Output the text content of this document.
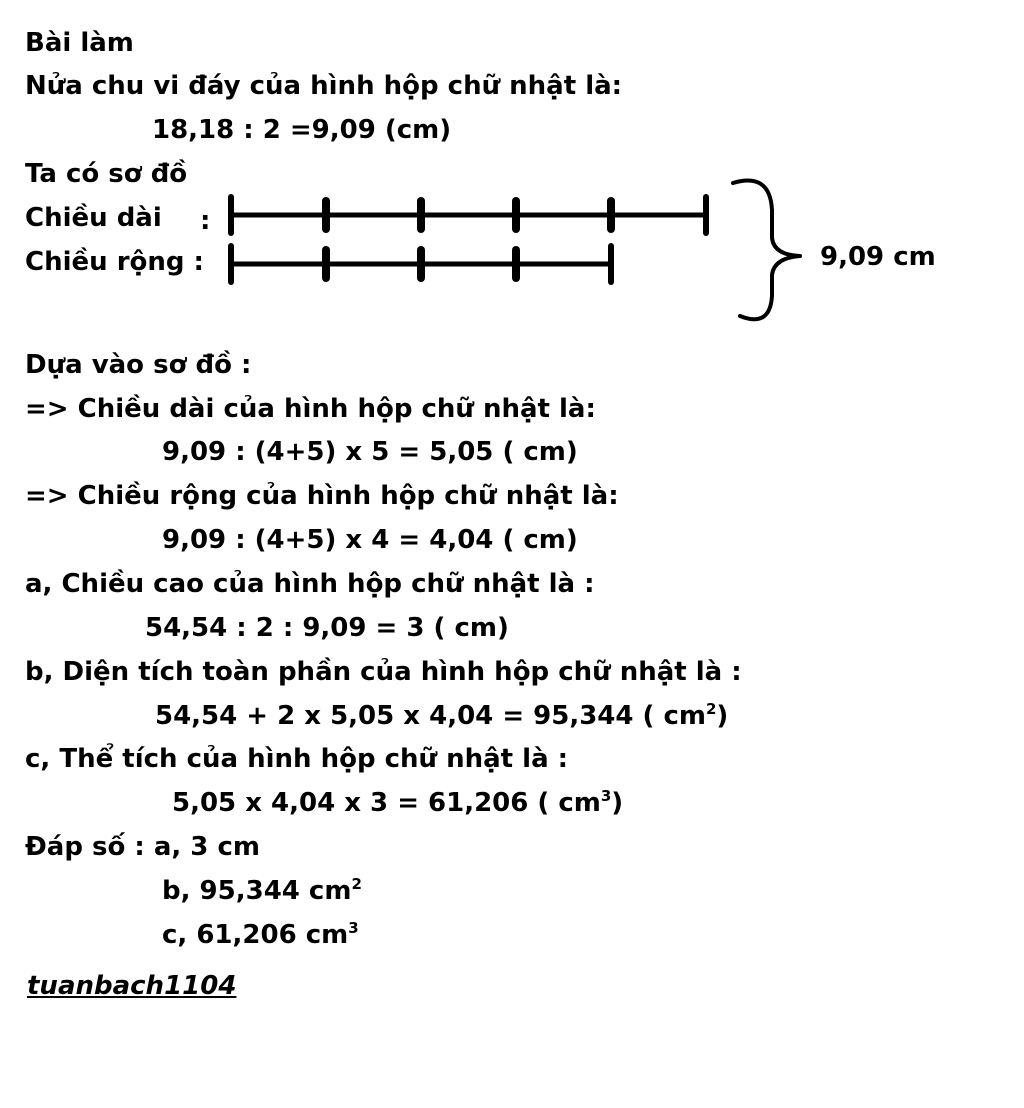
Bài làm
Nửa chu vi đáy của hình hộp chữ nhật là:
18,18 : 2 =9,09 (cm)
Ta có sơ đồ
Chiều dài :
Chiều rộng :	9,09 cm
Dựa vào sơ đồ :
=> Chiều dài của hình hộp chữ nhật là:
9,09 : (4+5) x 5 = 5,05 ( cm)
=> Chiều rộng của hình hộp chữ nhật là:
9,09 : (4+5) x 4 = 4,04 ( cm)
a, Chiều cao của hình hộp chữ nhật là :
54,54 : 2 : 9,09 = 3 ( cm)
b, Diện tích toàn phần của hình hộp chữ nhật là :
54,54 + 2 x 5,05 x 4,04 = 95,344 ( $cm^2$)
c, Thể tích của hình hộp chữ nhật là :
5,05 x 4,04 x 3 = 61,206 ( $cm^3$)
Đáp số : a, 3 cm
b, 95,344 $cm^2$
c, 61,206 $cm^3$
tuanbach1104
